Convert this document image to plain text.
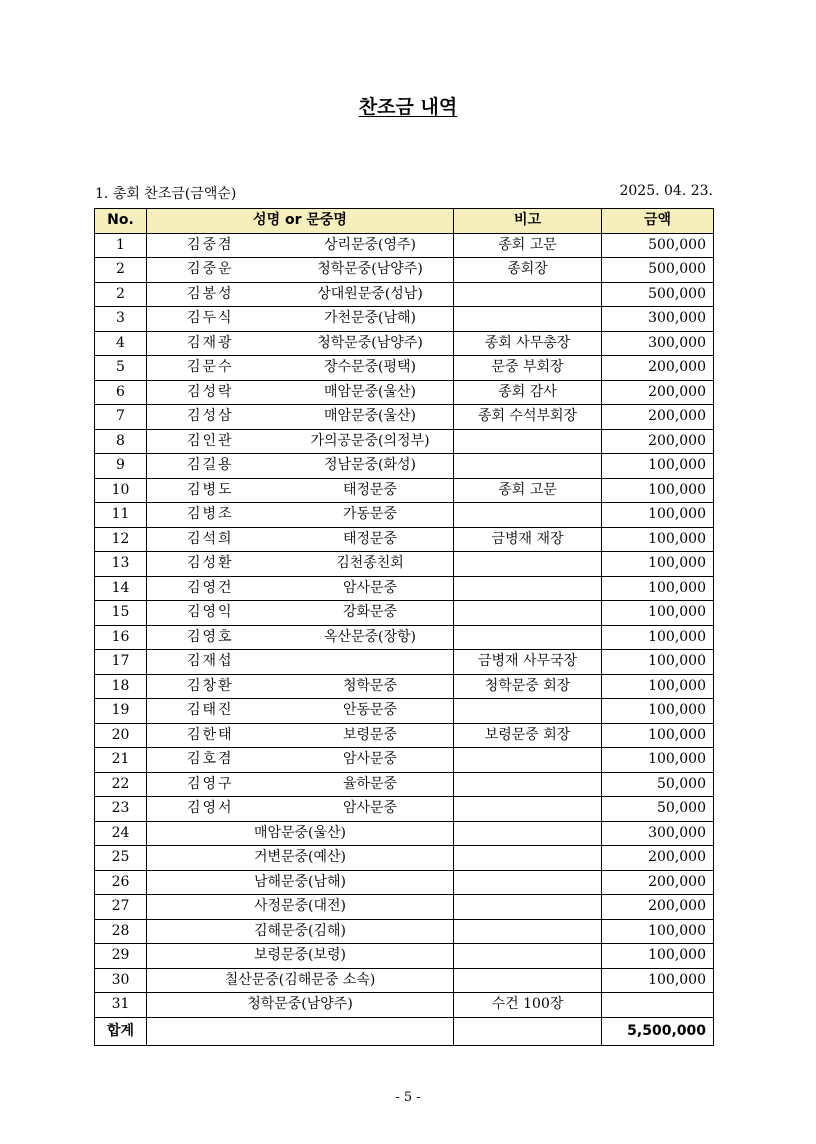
찬조금 내역
1. 총회 찬조금(금액순)	2025. 04. 23.
No.	성명 or 문중명	비고	금액
1	김중겸 상리문중(영주)	종회 고문	500,000
2	김중운 청학문중(남양주)	종회장	500,000
2	김봉성 상대원문중(성남)		500,000
3	김두식 가천문중(남해)		300,000
4	김재광 청학문중(남양주)	종회 사무총장	300,000
5	김문수 장수문중(평택)	문중 부회장	200,000
6	김성락 매암문중(울산)	종회 감사	200,000
7	김성삼 매암문중(울산)	종회 수석부회장	200,000
8	김인관 가의공문중(의정부)		200,000
9	김길용 정남문중(화성)		100,000
10	김병도 태정문중	종회 고문	100,000
11	김병조 가동문중		100,000
12	김석희 태정문중	금병재 재장	100,000
13	김성환 김천종친회		100,000
14	김영건 암사문중		100,000
15	김영익 강화문중		100,000
16	김영호 옥산문중(장항)		100,000
17	김재섭	금병재 사무국장	100,000
18	김창환 청학문중	청학문중 회장	100,000
19	김태진 안동문중		100,000
20	김한태 보령문중	보령문중 회장	100,000
21	김호겸 암사문중		100,000
22	김영구 율하문중		50,000
23	김영서 암사문중		50,000
24	매암문중(울산)		300,000
25	거변문중(예산)		200,000
26	남해문중(남해)		200,000
27	사정문중(대전)		200,000
28	김해문중(김해)		100,000
29	보령문중(보령)		100,000
30	칠산문중(김해문중 소속)		100,000
31	청학문중(남양주)	수건 100장	
합계			5,500,000
- 5 -
